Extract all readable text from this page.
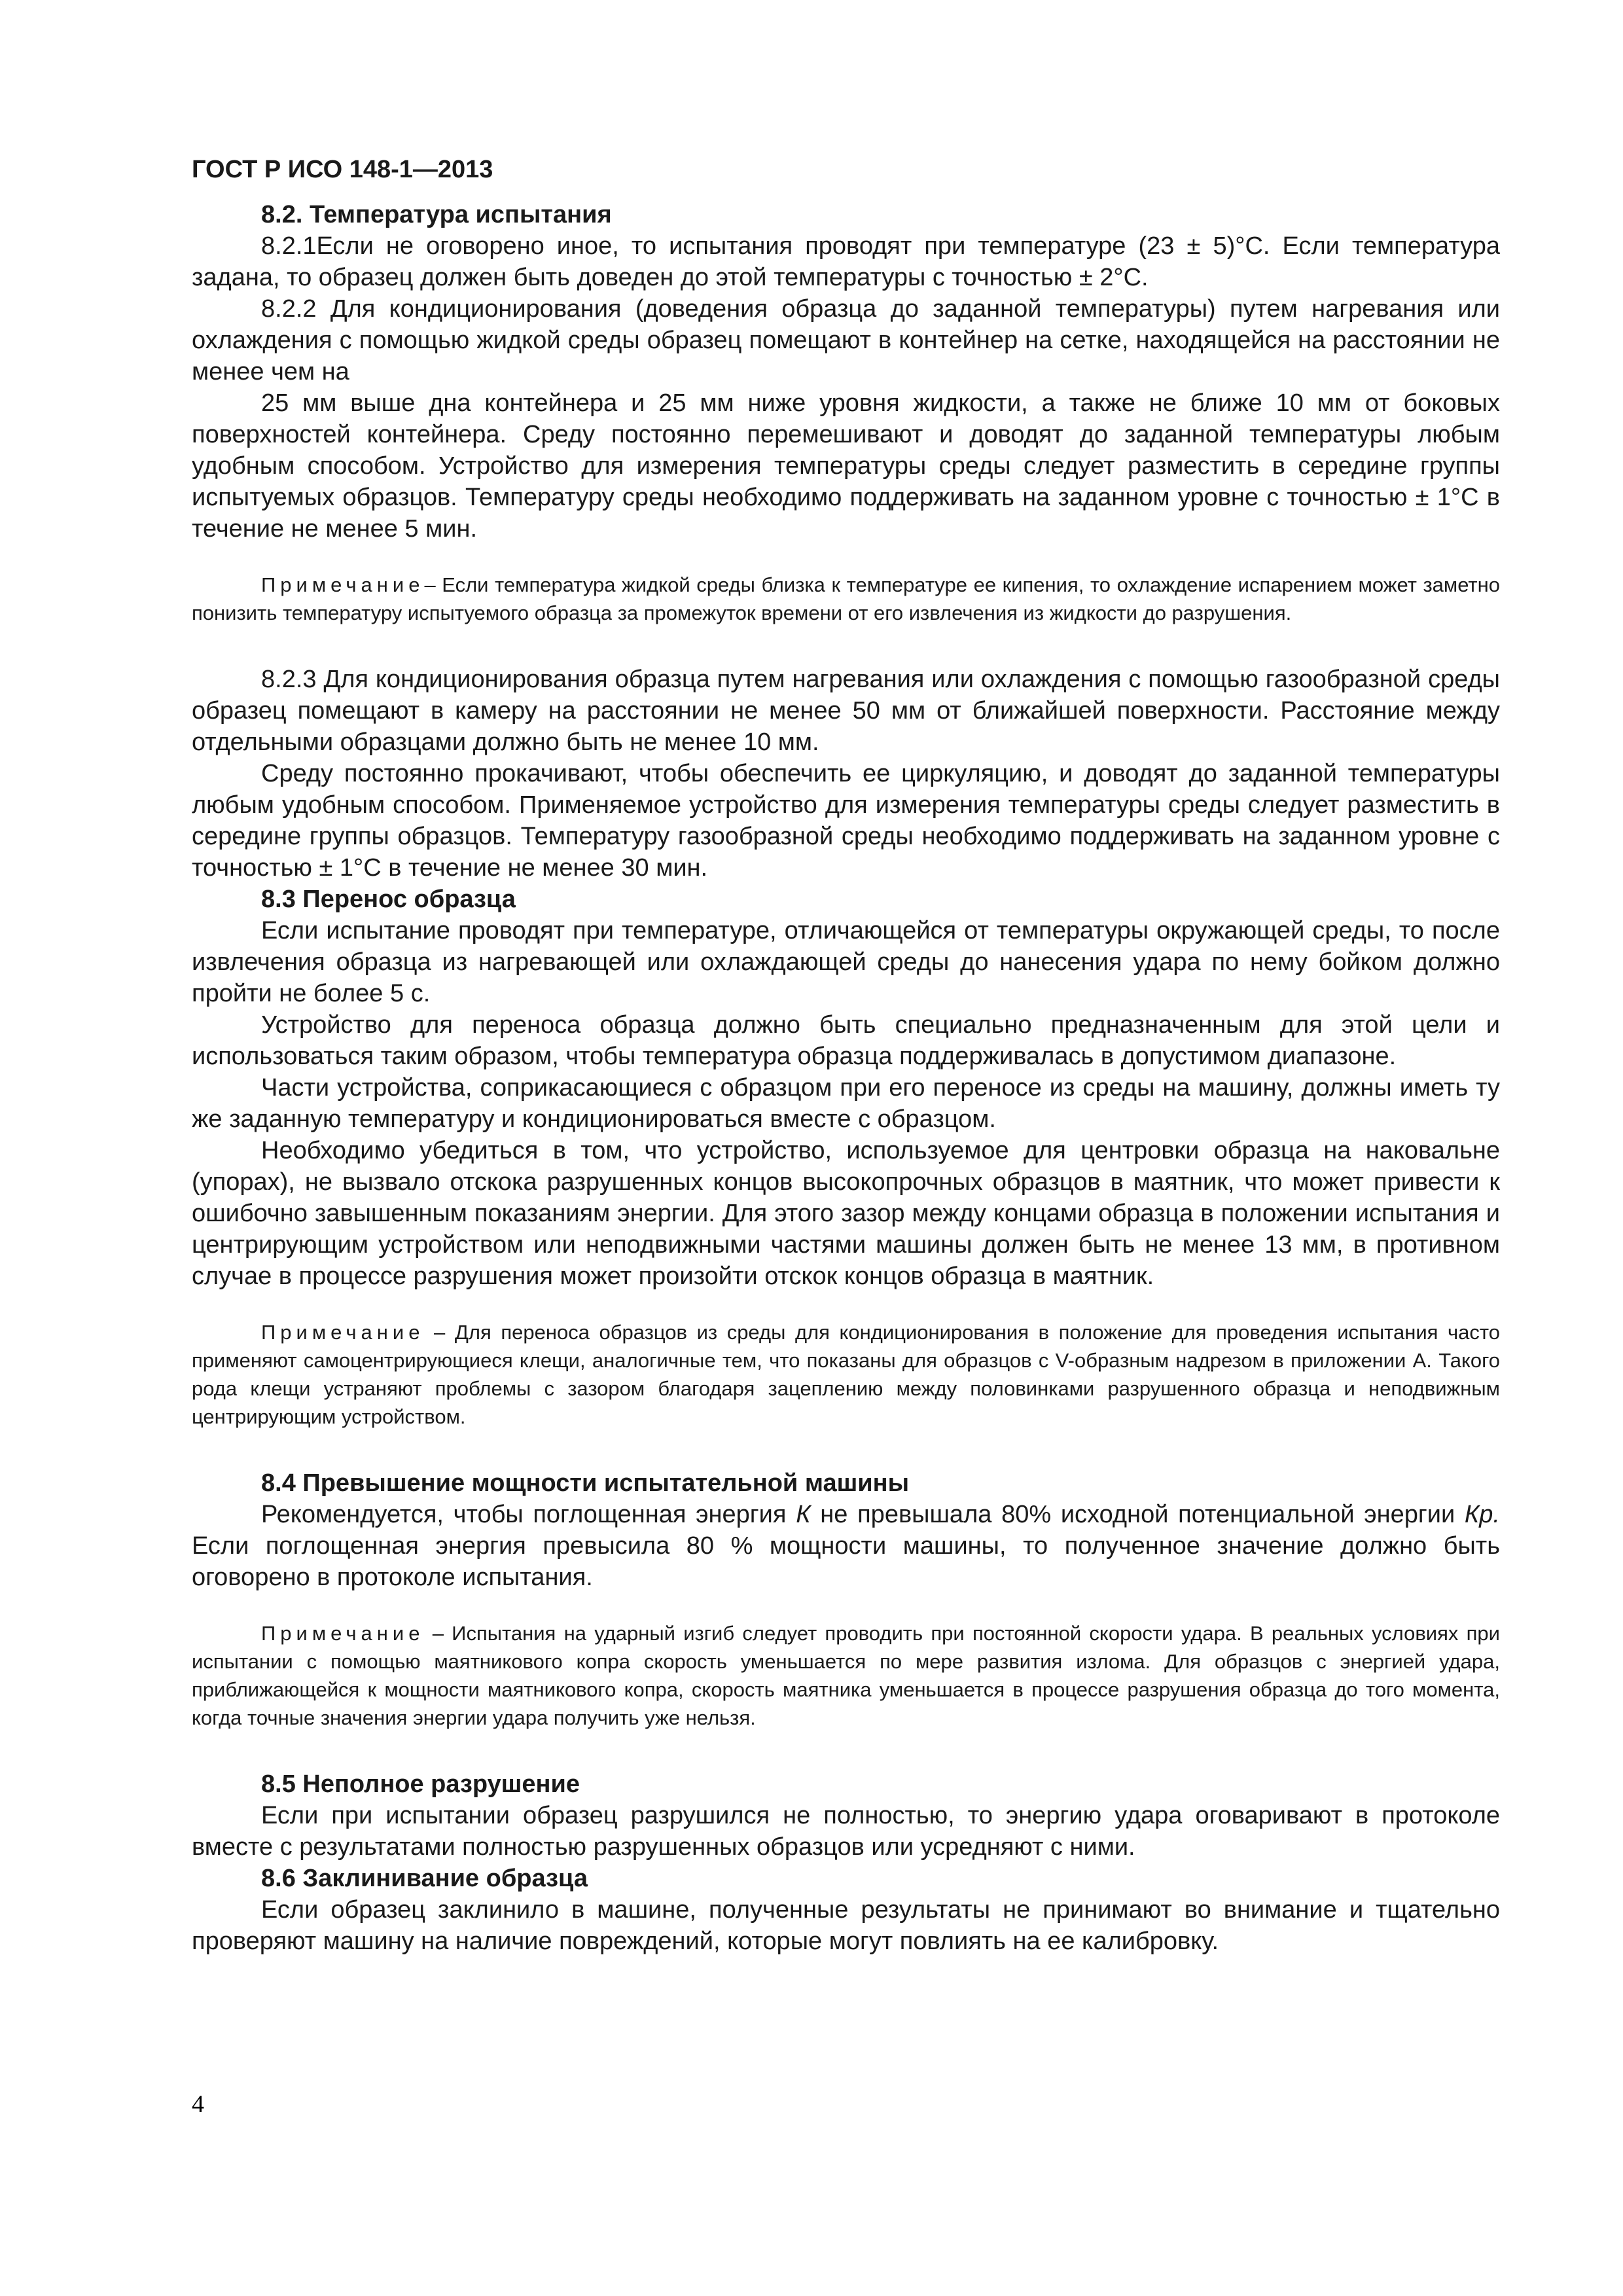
ГОСТ Р ИСО 148-1—2013
8.2. Температура испытания

8.2.1Если не оговорено иное, то испытания проводят при температуре (23 ± 5)°С. Если температура задана, то образец должен быть доведен до этой температуры с точностью ± 2°С.

8.2.2 Для кондиционирования (доведения образца до заданной температуры) путем нагревания или охлаждения с помощью жидкой среды образец помещают в контейнер на сетке, находящейся на расстоянии не менее чем на

25 мм выше дна контейнера и 25 мм ниже уровня жидкости, а также не ближе 10 мм от боковых поверхностей контейнера. Среду постоянно перемешивают и доводят до заданной температуры любым удобным способом. Устройство для измерения температуры среды следует разместить в середине группы испытуемых образцов. Температуру среды необходимо поддерживать на заданном уровне с точностью ± 1°С в течение не менее 5 мин.

Примечание– Если температура жидкой среды близка к температуре ее кипения, то охлаждение испарением может заметно понизить температуру испытуемого образца за промежуток времени от его извлечения из жидкости до разрушения.

8.2.3 Для кондиционирования образца путем нагревания или охлаждения с помощью газообразной среды образец помещают в камеру на расстоянии не менее 50 мм от ближайшей поверхности. Расстояние между отдельными образцами должно быть не менее 10 мм.

Среду постоянно прокачивают, чтобы обеспечить ее циркуляцию, и доводят до заданной температуры любым удобным способом. Применяемое устройство для измерения температуры среды следует разместить в середине группы образцов. Температуру газообразной среды необходимо поддерживать на заданном уровне с точностью ± 1°С в течение не менее 30 мин.

8.3 Перенос образца

Если испытание проводят при температуре, отличающейся от температуры окружающей среды, то после извлечения образца из нагревающей или охлаждающей среды до нанесения удара по нему бойком должно пройти не более 5 с.

Устройство для переноса образца должно быть специально предназначенным для этой цели и использоваться таким образом, чтобы температура образца поддерживалась в допустимом диапазоне.

Части устройства, соприкасающиеся с образцом при его переносе из среды на машину, должны иметь ту же заданную температуру и кондиционироваться вместе с образцом.

Необходимо убедиться в том, что устройство, используемое для центровки образца на наковальне (упорах), не вызвало отскока разрушенных концов высокопрочных образцов в маятник, что может привести к ошибочно завышенным показаниям энергии. Для этого зазор между концами образца в положении испытания и центрирующим устройством или неподвижными частями машины должен быть не менее 13 мм, в противном случае в процессе разрушения может произойти отскок концов образца в маятник.

Примечание – Для переноса образцов из среды для кондиционирования в положение для проведения испытания часто применяют самоцентрирующиеся клещи, аналогичные тем, что показаны для образцов с V-образным надрезом в приложении А. Такого рода клещи устраняют проблемы с зазором благодаря зацеплению между половинками разрушенного образца и неподвижным центрирующим устройством.

8.4 Превышение мощности испытательной машины

Рекомендуется, чтобы поглощенная энергия К не превышала 80% исходной потенциальной энергии Кр. Если поглощенная энергия превысила 80 % мощности машины, то полученное значение должно быть оговорено в протоколе испытания.

Примечание – Испытания на ударный изгиб следует проводить при постоянной скорости удара. В реальных условиях при испытании с помощью маятникового копра скорость уменьшается по мере развития излома. Для образцов с энергией удара, приближающейся к мощности маятникового копра, скорость маятника уменьшается в процессе разрушения образца до того момента, когда точные значения энергии удара получить уже нельзя.

8.5 Неполное разрушение

Если при испытании образец разрушился не полностью, то энергию удара оговаривают в протоколе вместе с результатами полностью разрушенных образцов или усредняют с ними.

8.6 Заклинивание образца

Если образец заклинило в машине, полученные результаты не принимают во внимание и тщательно проверяют машину на наличие повреждений, которые могут повлиять на ее калибровку.

4
